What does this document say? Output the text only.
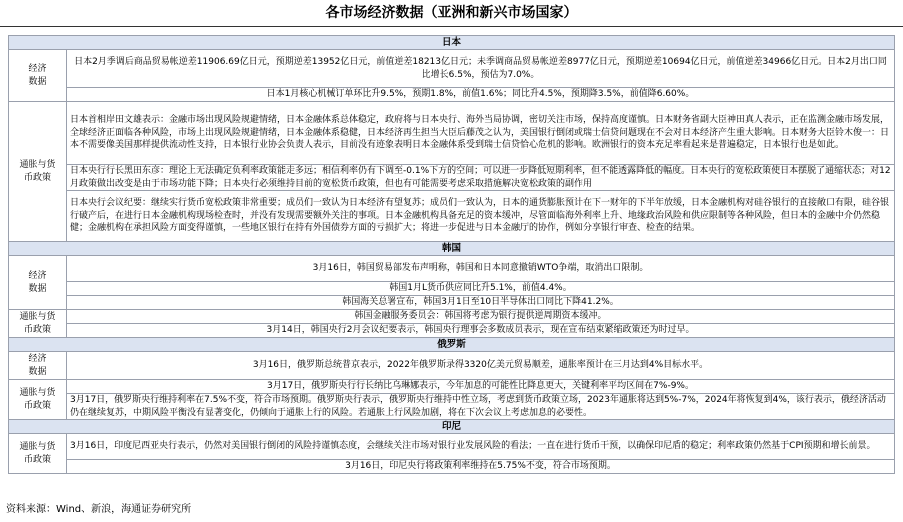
各市场经济数据（亚洲和新兴市场国家）
日本	
经济
数据	日本2月季调后商品贸易帐逆差11906.69亿日元，预期逆差13952亿日元，前值逆差18213亿日元；未季调商品贸易帐逆差8977亿日元，预期逆差10694亿日元，前值逆差34966亿日元。日本2月出口同比增长6.5%，预估为7.0%。
	日本1月核心机械订单环比升9.5%，预期1.8%，前值1.6%；同比升4.5%，预期降3.5%，前值降6.60%。
通胀与货
币政策	日本首相岸田文雄表示：金融市场出现风险规避情绪，日本金融体系总体稳定，政府将与日本央行、海外当局协调，密切关注市场，保持高度谨慎。日本财务省副大臣神田真人表示，正在监测金融市场发展，全球经济正面临各种风险，市场上出现风险规避情绪，日本金融体系稳健，日本经济再生担当大臣后藤茂之认为，美国银行倒闭或瑞士信贷问题现在不会对日本经济产生重大影响。日本财务大臣铃木俊一：日本不需要像美国那样提供流动性支持，日本银行业协会负责人表示，目前没有迹象表明日本金融体系受到瑞士信贷恰心危机的影响。欧洲银行的资本充足率看起来是普遍稳定，日本银行也是如此。
	日本央行行长黑田东彦：理论上无法确定负利率政策能走多远；相信利率仍有下调至-0.1%下方的空间；可以进一步降低短期利率，但不能透露降低的幅度。日本央行的宽松政策使日本摆脱了通缩状态；对12月政策做出改变是由于市场功能下降；日本央行必须维持目前的宽松货币政策，但也有可能需要考虑采取措施解决宽松政策的副作用
	日本央行会议纪要：继续实行货币宽松政策非常重要；成员们一致认为日本经济有望复苏；成员们一致认为，日本的通货膨胀预计在下一财年的下半年放缓，日本金融机构对硅谷银行的直接敞口有限，硅谷银行破产后，在进行日本金融机构现场检查时，并没有发现需要额外关注的事项。日本金融机构具备充足的资本缓冲，尽管面临海外利率上升、地缘政治风险和供应限制等各种风险，但日本的金融中介仍然稳健；金融机构在承担风险方面变得谨慎，一些地区银行在持有外国债券方面的亏损扩大；将进一步促进与日本金融厅的协作，例如分享银行审查、检查的结果。
韩国	
经济
数据	3月16日，韩国贸易部发布声明称，韩国和日本同意撤销WTO争端，取消出口限制。
	韩国1月L货币供应同比升5.1%，前值4.4%。
	韩国海关总署宣布，韩国3月1日至10日半导体出口同比下降41.2%。
通胀与货
币政策	韩国金融服务委员会：韩国将考虑为银行提供逆周期资本缓冲。
	3月14日，韩国央行2月会议纪要表示，韩国央行理事会多数成员表示，现在宣布结束紧缩政策还为时过早。
俄罗斯	
经济
数据	3月16日，俄罗斯总统普京表示，2022年俄罗斯录得3320亿美元贸易顺差，通胀率预计在三月达到4%目标水平。
通胀与货
币政策	3月17日，俄罗斯央行行长纳比乌琳娜表示，今年加息的可能性比降息更大，关键利率平均区间在7%-9%。
	3月17日，俄罗斯央行维持利率在7.5%不变，符合市场预期。俄罗斯央行表示，俄罗斯央行维持中性立场，考虑到货币政策立场，2023年通胀将达到5%-7%，2024年将恢复到4%，该行表示，俄经济活动仍在继续复苏，中期风险平衡没有显著变化，仍倾向于通胀上行的风险。若通胀上行风险加剧，将在下次会议上考虑加息的必要性。
印尼	
通胀与货
币政策	3月16日，印度尼西亚央行表示，仍然对美国银行倒闭的风险持谨慎态度，会继续关注市场对银行业发展风险的看法；一直在进行货币干预，以确保印尼盾的稳定；利率政策仍然基于CPI预期和增长前景。
	3月16日，印尼央行将政策利率维持在5.75%不变，符合市场预期。
资料来源：Wind、新浪，海通证券研究所
